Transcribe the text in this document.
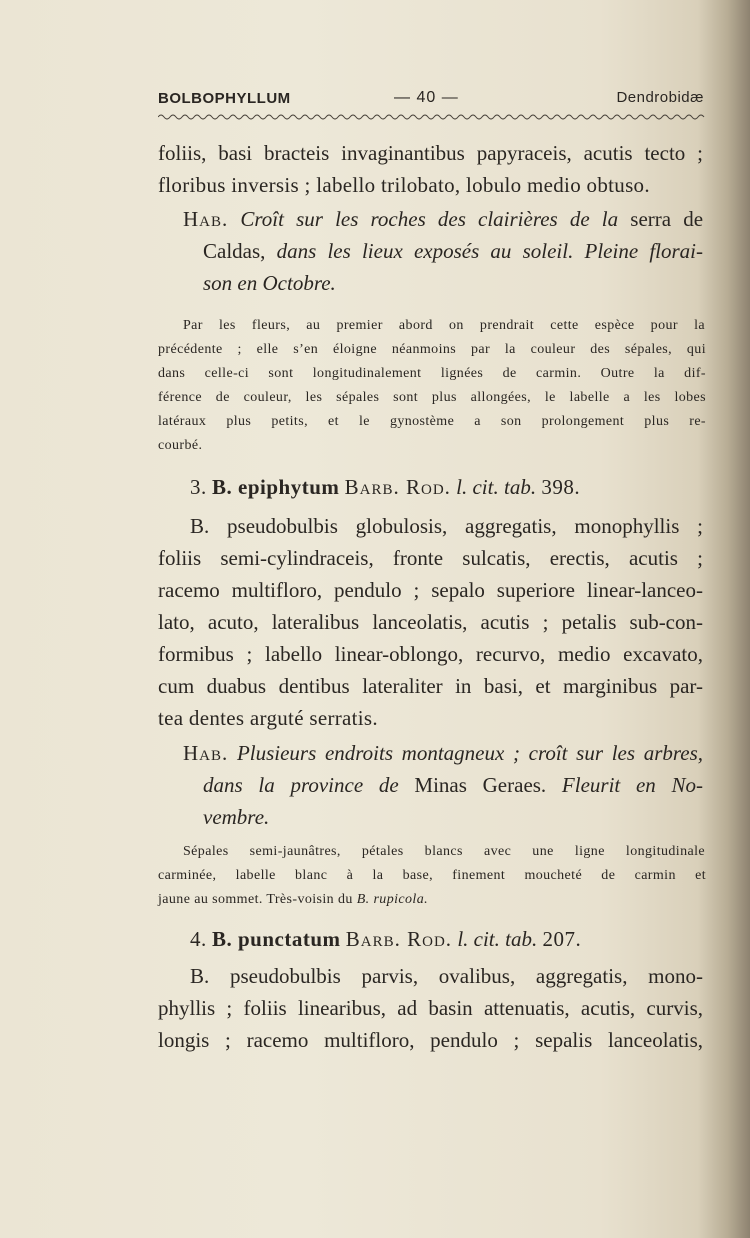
BOLBOPHYLLUM	— 40 —	Dendrobidæ
foliis, basi bracteis invaginantibus papyraceis, acutis tecto ;
floribus inversis ; labello trilobato, lobulo medio obtuso.
Hab. Croît sur les roches des clairières de la serra de
Caldas, dans les lieux exposés au soleil. Pleine florai-
son en Octobre.
Par les fleurs, au premier abord on prendrait cette espèce pour la
précédente ; elle s’en éloigne néanmoins par la couleur des sépales, qui
dans celle-ci sont longitudinalement lignées de carmin. Outre la dif-
férence de couleur, les sépales sont plus allongées, le labelle a les lobes
latéraux plus petits, et le gynostème a son prolongement plus re-
courbé.
3. B. epiphytum Barb. Rod. l. cit. tab. 398.
B. pseudobulbis globulosis, aggregatis, monophyllis ;
foliis semi-cylindraceis, fronte sulcatis, erectis, acutis ;
racemo multifloro, pendulo ; sepalo superiore linear-lanceo-
lato, acuto, lateralibus lanceolatis, acutis ; petalis sub-con-
formibus ; labello linear-oblongo, recurvo, medio excavato,
cum duabus dentibus lateraliter in basi, et marginibus par-
tea dentes arguté serratis.
Hab. Plusieurs endroits montagneux ; croît sur les arbres,
dans la province de Minas Geraes. Fleurit en No-
vembre.
Sépales semi-jaunâtres, pétales blancs avec une ligne longitudinale
carminée, labelle blanc à la base, finement moucheté de carmin et
jaune au sommet. Très-voisin du B. rupicola.
4. B. punctatum Barb. Rod. l. cit. tab. 207.
B. pseudobulbis parvis, ovalibus, aggregatis, mono-
phyllis ; foliis linearibus, ad basin attenuatis, acutis, curvis,
longis ; racemo multifloro, pendulo ; sepalis lanceolatis,
